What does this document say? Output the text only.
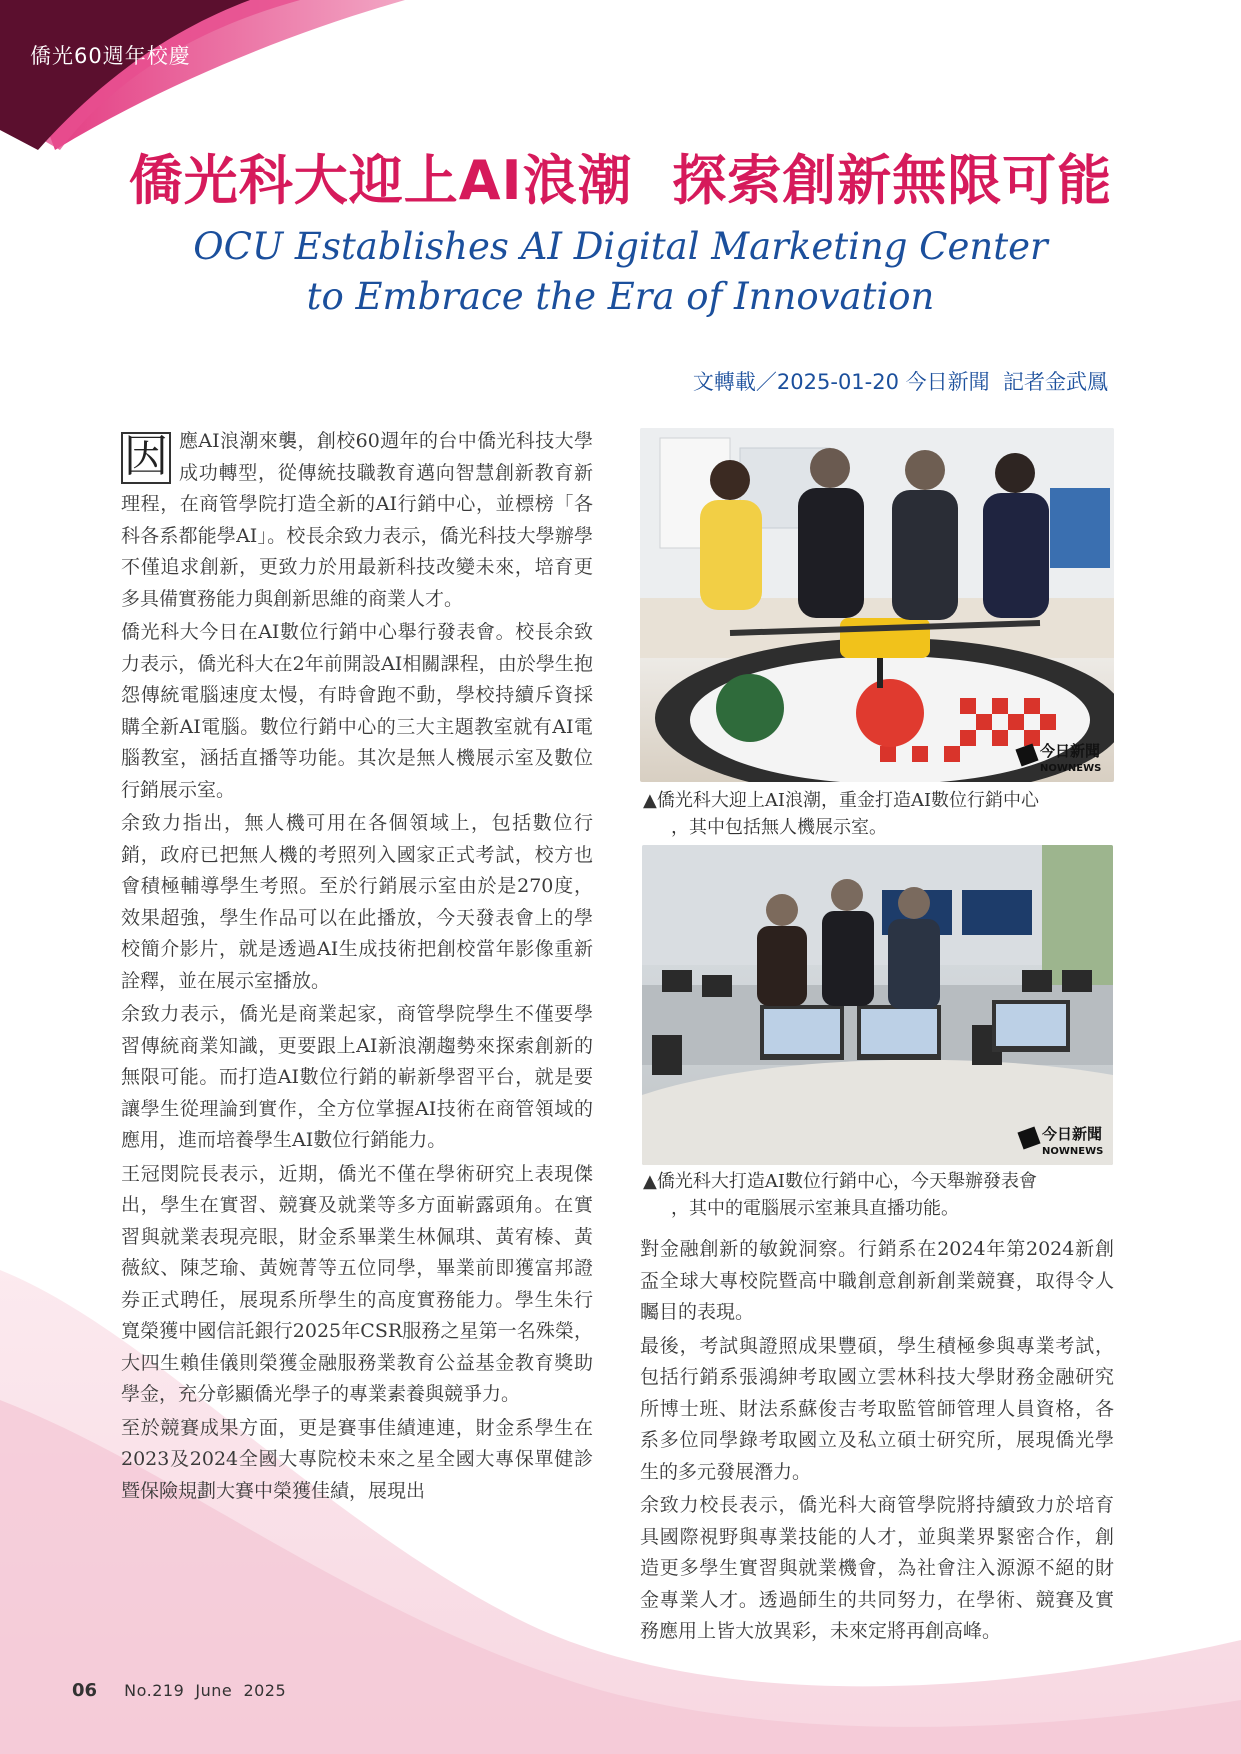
僑光60週年校慶
僑光科大迎上AI浪潮  探索創新無限可能
OCU Establishes AI Digital Marketing Center
to Embrace the Era of Innovation
文轉載／2025-01-20 今日新聞  記者金武鳳

因 應AI浪潮來襲，創校60週年的台中僑光科技大學成功轉型，從傳統技職教育邁向智慧創新教育新理程，在商管學院打造全新的AI行銷中心，並標榜「各科各系都能學AI」。校長余致力表示，僑光科技大學辦學不僅追求創新，更致力於用最新科技改變未來，培育更多具備實務能力與創新思維的商業人才。

僑光科大今日在AI數位行銷中心舉行發表會。校長余致力表示，僑光科大在2年前開設AI相關課程，由於學生抱怨傳統電腦速度太慢，有時會跑不動，學校持續斥資採購全新AI電腦。數位行銷中心的三大主題教室就有AI電腦教室，涵括直播等功能。其次是無人機展示室及數位行銷展示室。

余致力指出，無人機可用在各個領域上，包括數位行銷，政府已把無人機的考照列入國家正式考試，校方也會積極輔導學生考照。至於行銷展示室由於是270度，效果超強，學生作品可以在此播放，今天發表會上的學校簡介影片，就是透過AI生成技術把創校當年影像重新詮釋，並在展示室播放。

余致力表示，僑光是商業起家，商管學院學生不僅要學習傳統商業知識，更要跟上AI新浪潮趨勢來探索創新的無限可能。而打造AI數位行銷的嶄新學習平台，就是要讓學生從理論到實作，全方位掌握AI技術在商管領域的應用，進而培養學生AI數位行銷能力。

王冠閔院長表示，近期，僑光不僅在學術研究上表現傑出，學生在實習、競賽及就業等多方面嶄露頭角。在實習與就業表現亮眼，財金系畢業生林佩琪、黃宥榛、黃薇紋、陳芝瑜、黃婉菁等五位同學，畢業前即獲富邦證券正式聘任，展現系所學生的高度實務能力。學生朱行寬榮獲中國信託銀行2025年CSR服務之星第一名殊榮，大四生賴佳儀則榮獲金融服務業教育公益基金教育獎助學金，充分彰顯僑光學子的專業素養與競爭力。

至於競賽成果方面，更是賽事佳績連連，財金系學生在2023及2024全國大專院校未來之星全國大專保單健診暨保險規劃大賽中榮獲佳績，展現出

今日新聞
NOWNEWS
▲僑光科大迎上AI浪潮，重金打造AI數位行銷中心
，其中包括無人機展示室。
今日新聞
NOWNEWS
▲僑光科大打造AI數位行銷中心，今天舉辦發表會
，其中的電腦展示室兼具直播功能。

對金融創新的敏銳洞察。行銷系在2024年第2024新創盃全球大專校院暨高中職創意創新創業競賽，取得令人矚目的表現。

最後，考試與證照成果豐碩，學生積極參與專業考試，包括行銷系張鴻紳考取國立雲林科技大學財務金融研究所博士班、財法系蘇俊吉考取監管師管理人員資格，各系多位同學錄考取國立及私立碩士研究所，展現僑光學生的多元發展潛力。

余致力校長表示，僑光科大商管學院將持續致力於培育具國際視野與專業技能的人才，並與業界緊密合作，創造更多學生實習與就業機會，為社會注入源源不絕的財金專業人才。透過師生的共同努力，在學術、競賽及實務應用上皆大放異彩，未來定將再創高峰。

06 No.219  June  2025
